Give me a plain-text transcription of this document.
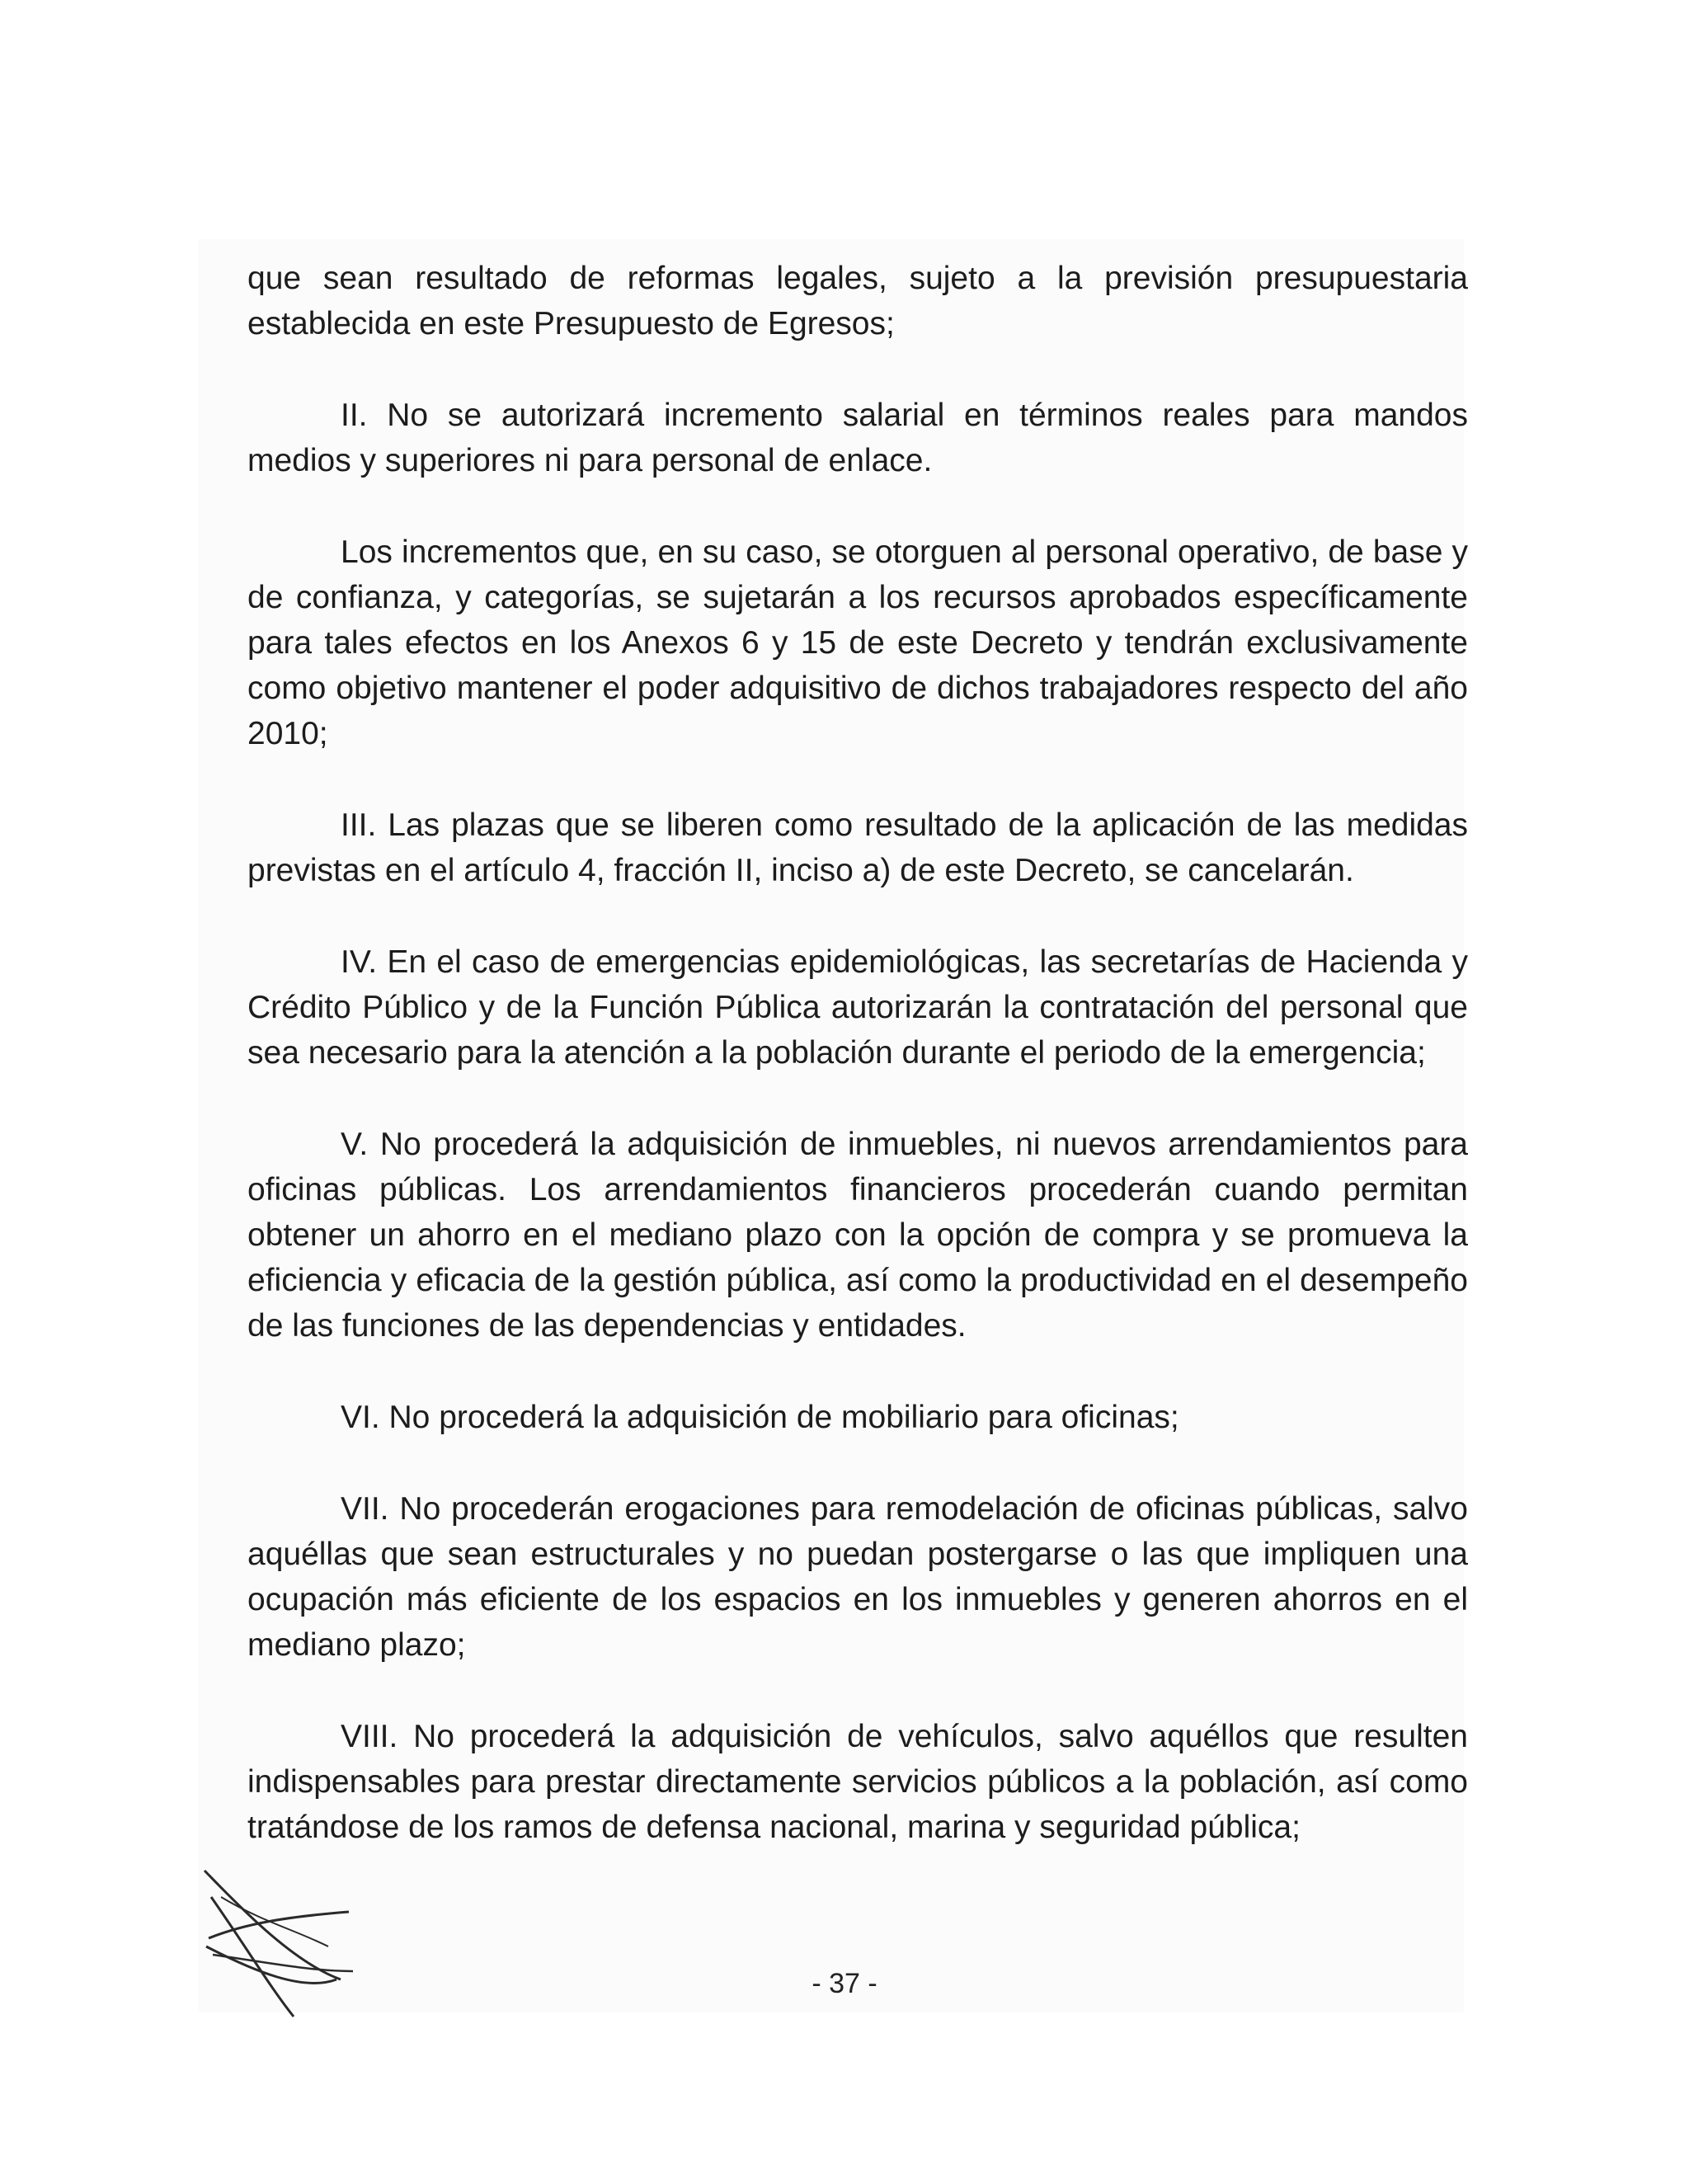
que sean resultado de reformas legales, sujeto a la previsión presupuestaria establecida en este Presupuesto de Egresos;

II. No se autorizará incremento salarial en términos reales para mandos medios y superiores ni para personal de enlace.

Los incrementos que, en su caso, se otorguen al personal operativo, de base y de confianza, y categorías, se sujetarán a los recursos aprobados específicamente para tales efectos en los Anexos 6 y 15 de este Decreto y tendrán exclusivamente como objetivo mantener el poder adquisitivo de dichos trabajadores respecto del año 2010;

III. Las plazas que se liberen como resultado de la aplicación de las medidas previstas en el artículo 4, fracción II, inciso a) de este Decreto, se cancelarán.

IV. En el caso de emergencias epidemiológicas, las secretarías de Hacienda y Crédito Público y de la Función Pública autorizarán la contratación del personal que sea necesario para la atención a la población durante el periodo de la emergencia;

V. No procederá la adquisición de inmuebles, ni nuevos arrendamientos para oficinas públicas. Los arrendamientos financieros procederán cuando permitan obtener un ahorro en el mediano plazo con la opción de compra y se promueva la eficiencia y eficacia de la gestión pública, así como la productividad en el desempeño de las funciones de las dependencias y entidades.

VI. No procederá la adquisición de mobiliario para oficinas;

VII. No procederán erogaciones para remodelación de oficinas públicas, salvo aquéllas que sean estructurales y no puedan postergarse o las que impliquen una ocupación más eficiente de los espacios en los inmuebles y generen ahorros en el mediano plazo;

VIII. No procederá la adquisición de vehículos, salvo aquéllos que resulten indispensables para prestar directamente servicios públicos a la población, así como tratándose de los ramos de defensa nacional, marina y seguridad pública;

- 37 -
